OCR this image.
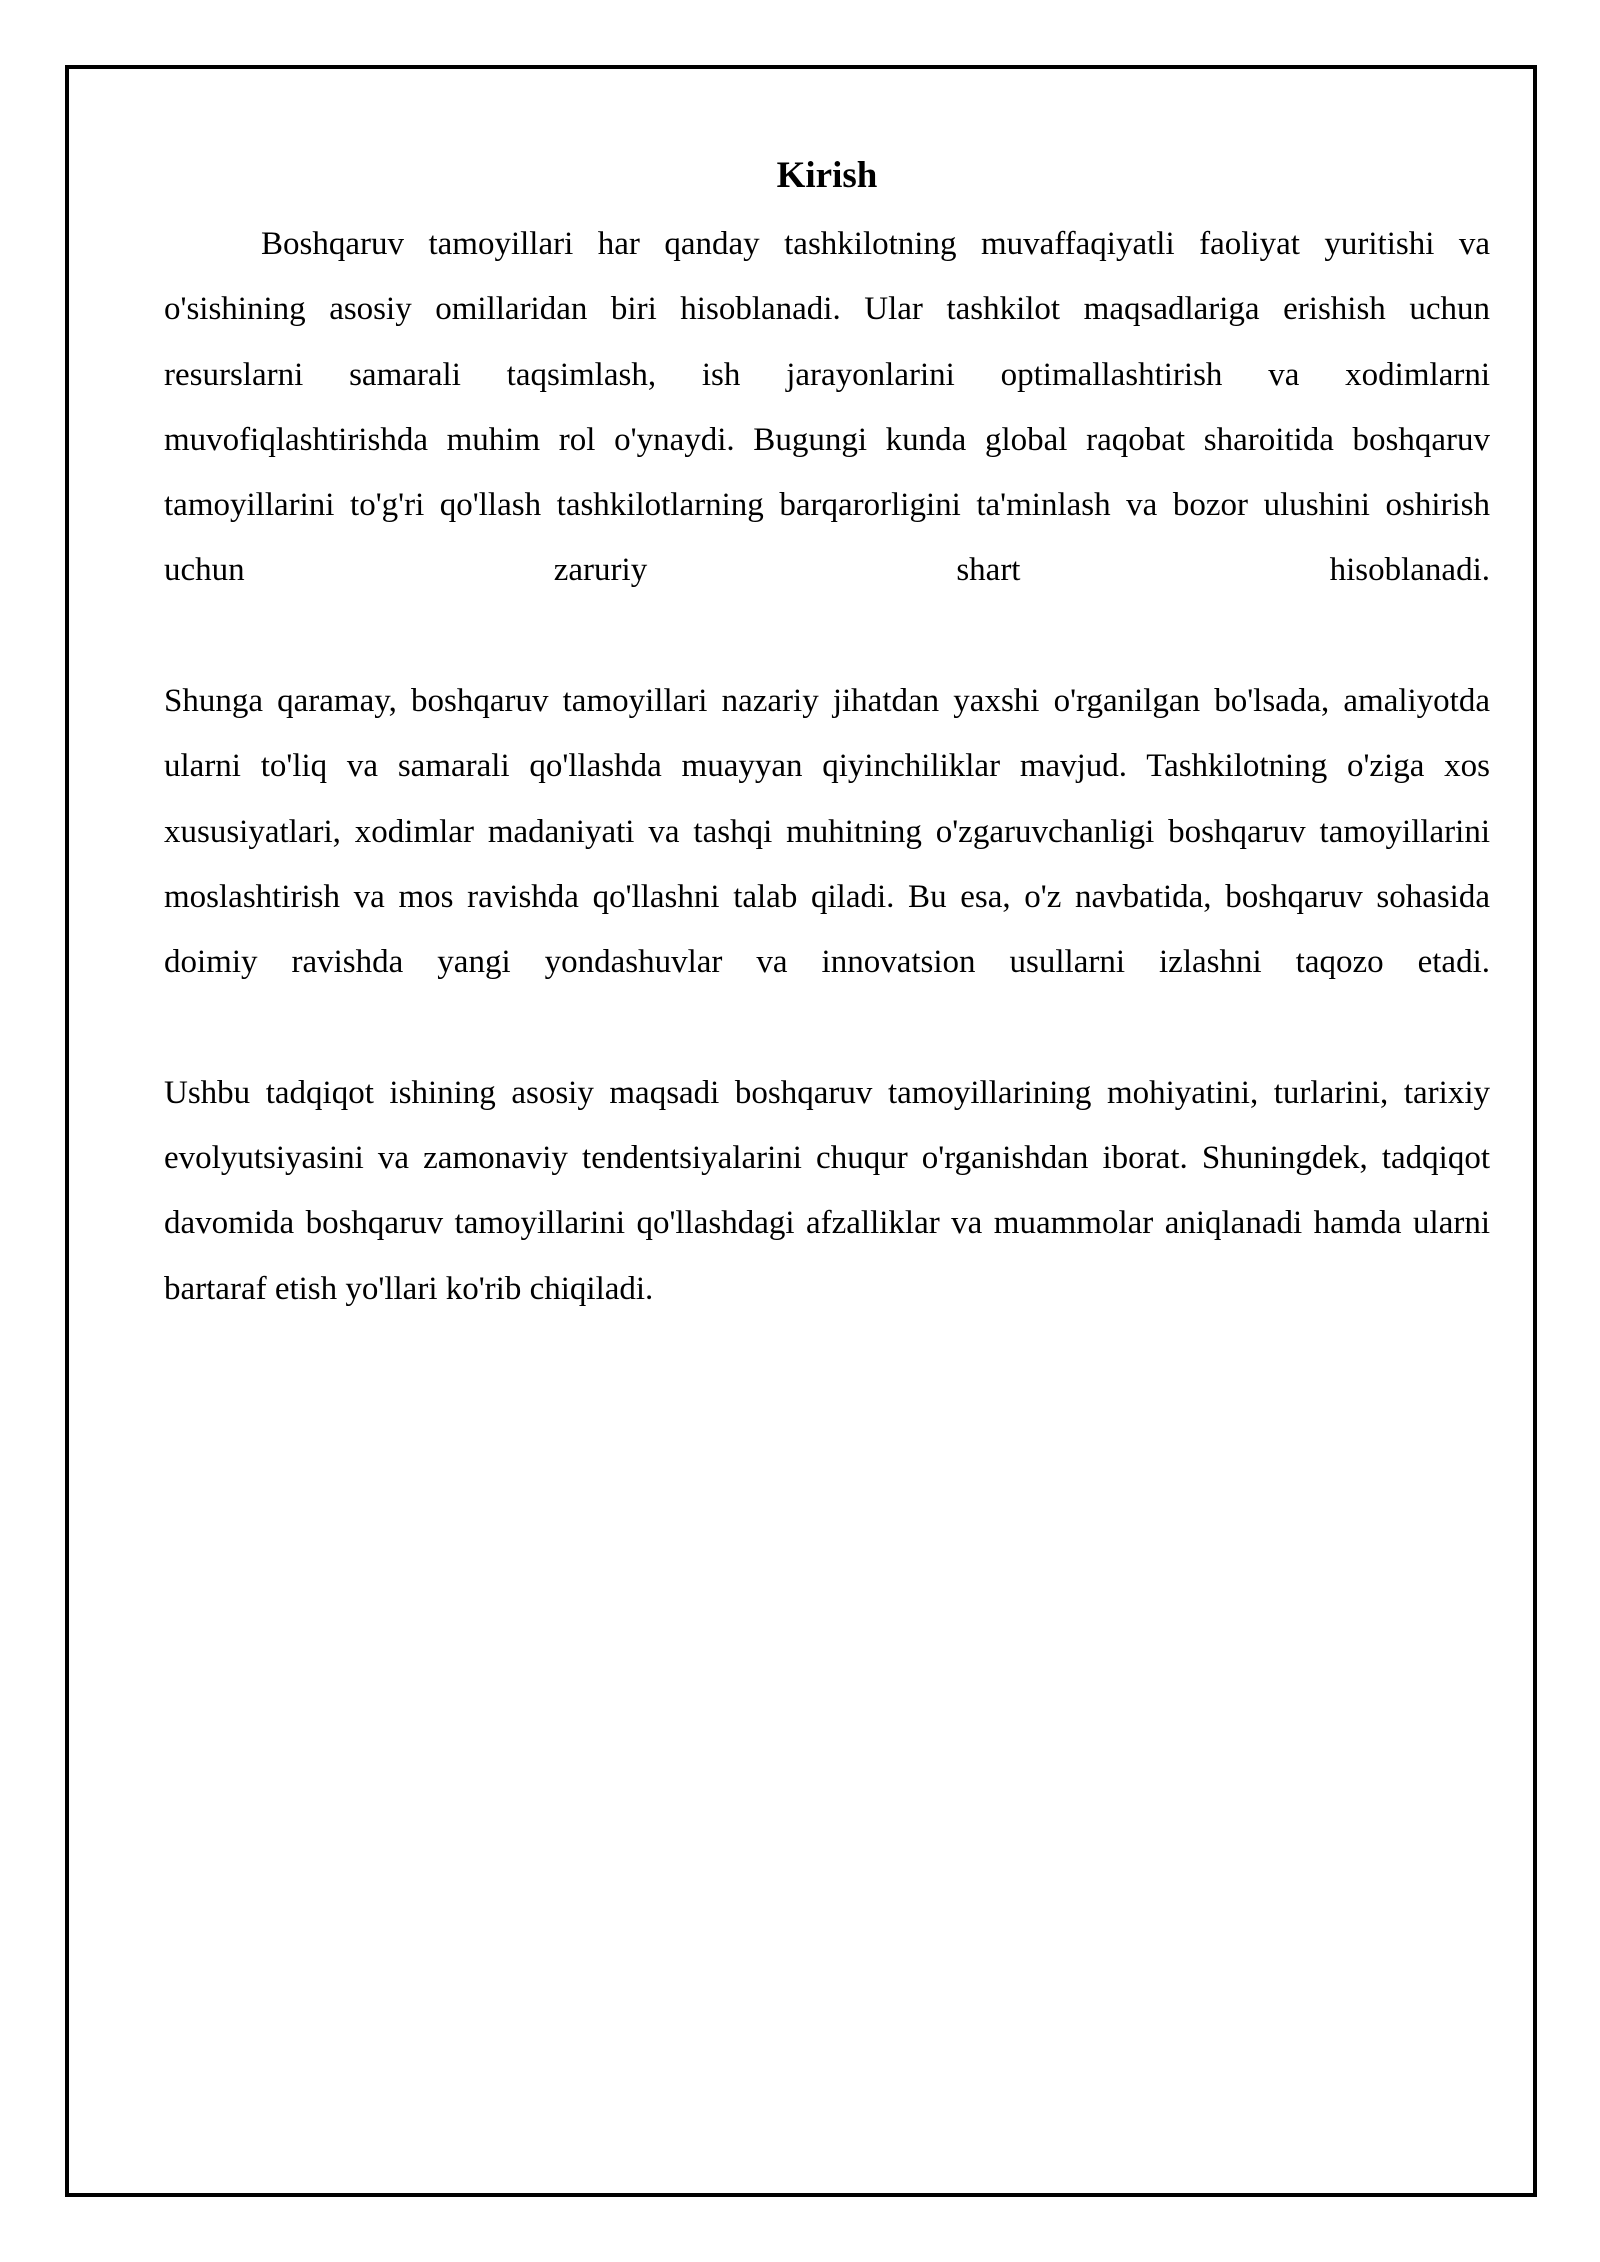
Kirish

Boshqaruv tamoyillari har qanday tashkilotning muvaffaqiyatli faoliyat yuritishi va o'sishining asosiy omillaridan biri hisoblanadi. Ular tashkilot maqsadlariga erishish uchun resurslarni samarali taqsimlash, ish jarayonlarini optimallashtirish va xodimlarni muvofiqlashtirishda muhim rol o'ynaydi. Bugungi kunda global raqobat sharoitida boshqaruv tamoyillarini to'g'ri qo'llash tashkilotlarning barqarorligini ta'minlash va bozor ulushini oshirish uchun zaruriy shart hisoblanadi.

Shunga qaramay, boshqaruv tamoyillari nazariy jihatdan yaxshi o'rganilgan bo'lsada, amaliyotda ularni to'liq va samarali qo'llashda muayyan qiyinchiliklar mavjud. Tashkilotning o'ziga xos xususiyatlari, xodimlar madaniyati va tashqi muhitning o'zgaruvchanligi boshqaruv tamoyillarini moslashtirish va mos ravishda qo'llashni talab qiladi. Bu esa, o'z navbatida, boshqaruv sohasida doimiy ravishda yangi yondashuvlar va innovatsion usullarni izlashni taqozo etadi.

Ushbu tadqiqot ishining asosiy maqsadi boshqaruv tamoyillarining mohiyatini, turlarini, tarixiy evolyutsiyasini va zamonaviy tendentsiyalarini chuqur o'rganishdan iborat. Shuningdek, tadqiqot davomida boshqaruv tamoyillarini qo'llashdagi afzalliklar va muammolar aniqlanadi hamda ularni bartaraf etish yo'llari ko'rib chiqiladi.
